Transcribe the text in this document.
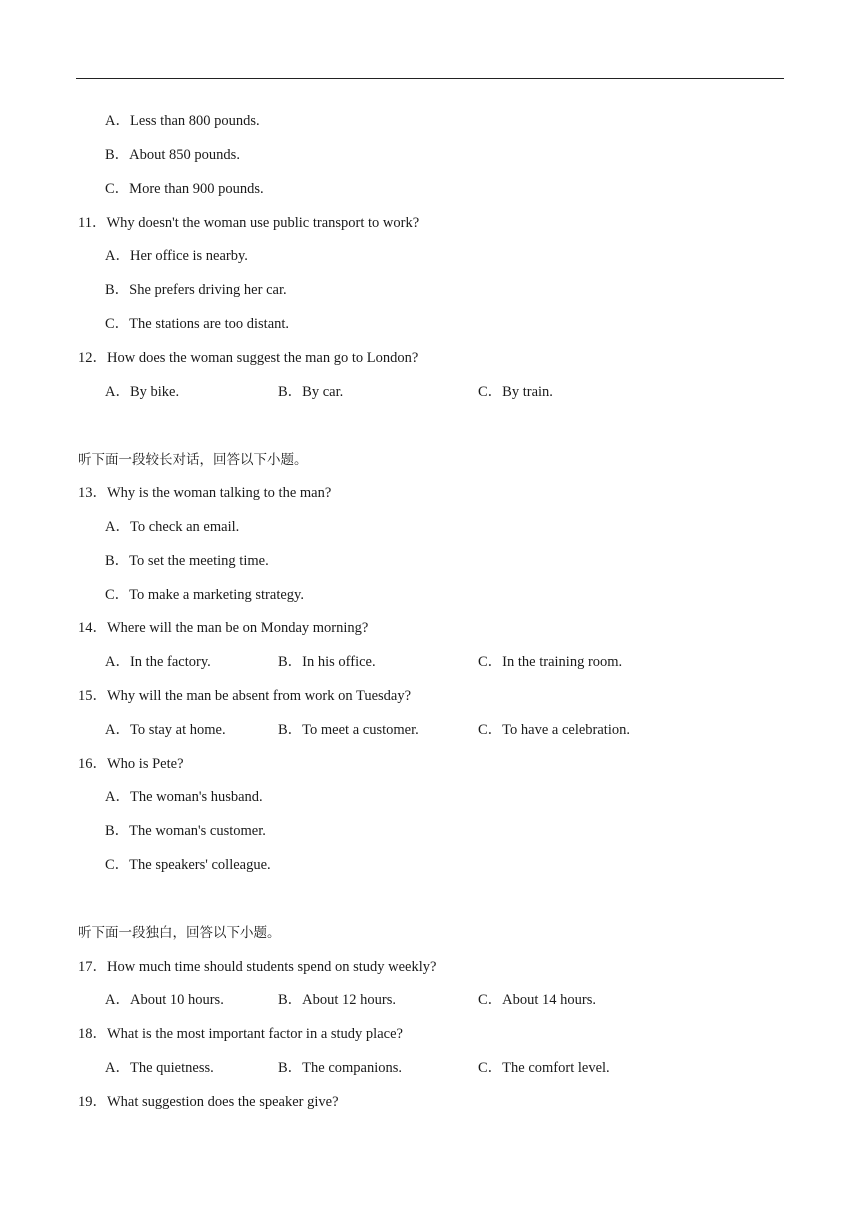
A．Less than 800 pounds.
B．About 850 pounds.
C．More than 900 pounds.
11．Why doesn't the woman use public transport to work?
A．Her office is nearby.
B．She prefers driving her car.
C．The stations are too distant.
12．How does the woman suggest the man go to London?
A．By bike.	B．By car.	C．By train.
听下面一段较长对话，回答以下小题。
13．Why is the woman talking to the man?
A．To check an email.
B．To set the meeting time.
C．To make a marketing strategy.
14．Where will the man be on Monday morning?
A．In the factory.	B．In his office.	C．In the training room.
15．Why will the man be absent from work on Tuesday?
A．To stay at home.	B．To meet a customer.	C．To have a celebration.
16．Who is Pete?
A．The woman's husband.
B．The woman's customer.
C．The speakers' colleague.
听下面一段独白，回答以下小题。
17．How much time should students spend on study weekly?
A．About 10 hours.	B．About 12 hours.	C．About 14 hours.
18．What is the most important factor in a study place?
A．The quietness.	B．The companions.	C．The comfort level.
19．What suggestion does the speaker give?
